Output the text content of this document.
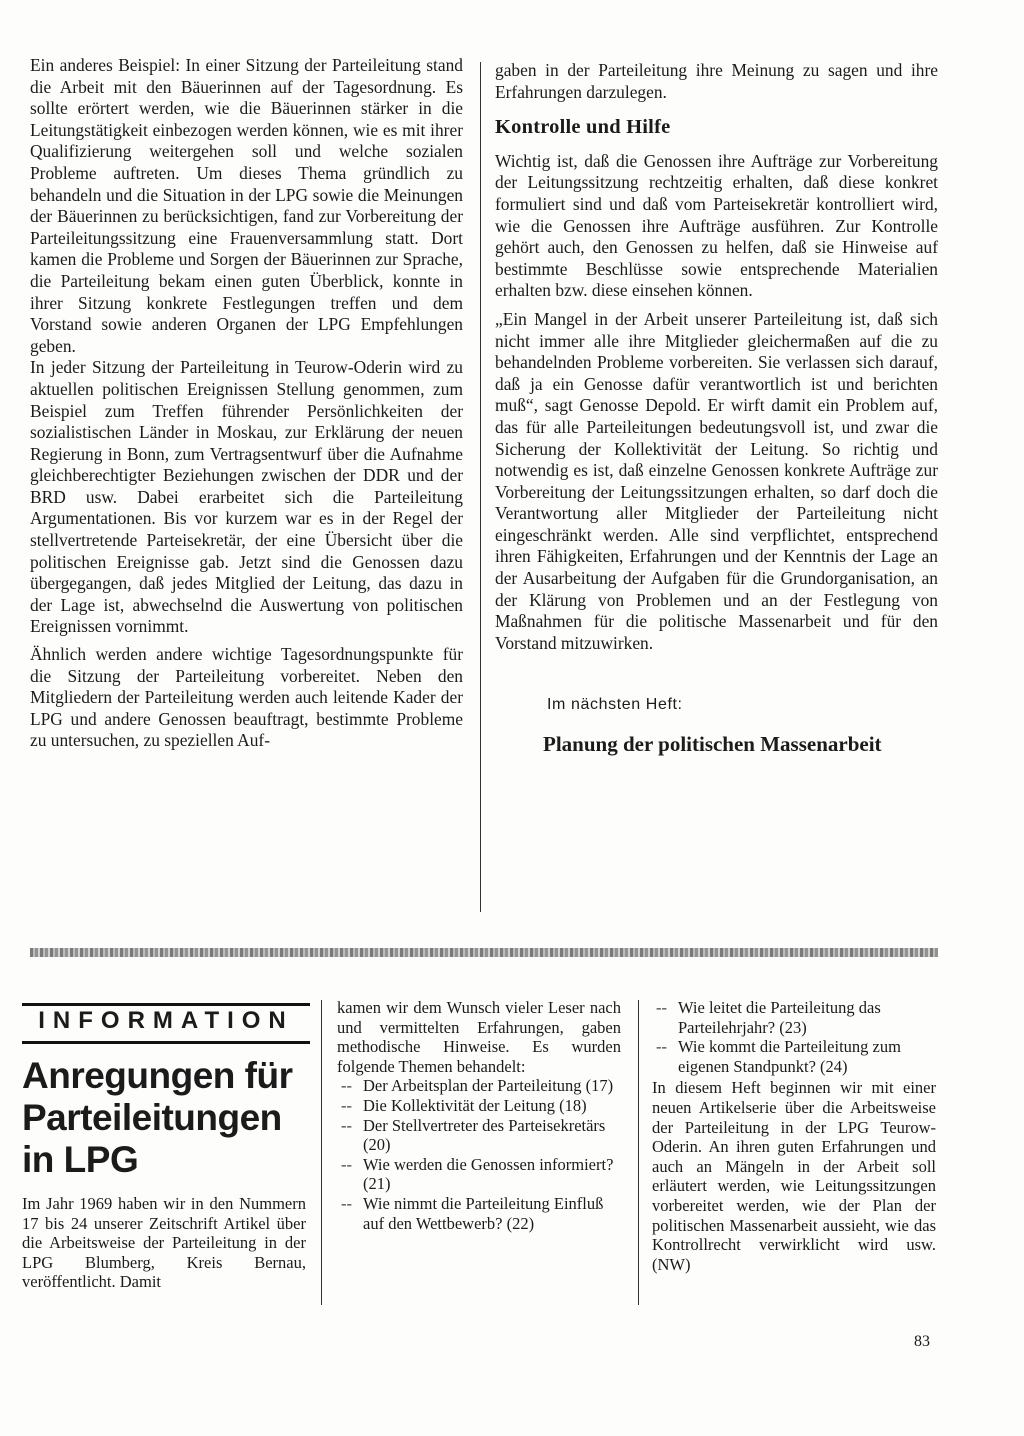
Ein anderes Beispiel: In einer Sitzung der Parteileitung stand die Arbeit mit den Bäuerinnen auf der Tagesordnung. Es sollte erörtert werden, wie die Bäuerinnen stärker in die Leitungstätigkeit einbezogen werden können, wie es mit ihrer Qualifizierung weitergehen soll und welche sozialen Probleme auftreten. Um dieses Thema gründlich zu behandeln und die Situation in der LPG sowie die Meinungen der Bäuerinnen zu berücksichtigen, fand zur Vorbereitung der Parteileitungssitzung eine Frauenversammlung statt. Dort kamen die Probleme und Sorgen der Bäuerinnen zur Sprache, die Parteileitung bekam einen guten Überblick, konnte in ihrer Sitzung konkrete Festlegungen treffen und dem Vorstand sowie anderen Organen der LPG Empfehlungen geben.

In jeder Sitzung der Parteileitung in Teurow-Oderin wird zu aktuellen politischen Ereignissen Stellung genommen, zum Beispiel zum Treffen führender Persönlichkeiten der sozialistischen Länder in Moskau, zur Erklärung der neuen Regierung in Bonn, zum Vertragsentwurf über die Aufnahme gleichberechtigter Beziehungen zwischen der DDR und der BRD usw. Dabei erarbeitet sich die Parteileitung Argumentationen. Bis vor kurzem war es in der Regel der stellvertretende Parteisekretär, der eine Übersicht über die politischen Ereignisse gab. Jetzt sind die Genossen dazu übergegangen, daß jedes Mitglied der Leitung, das dazu in der Lage ist, abwechselnd die Auswertung von politischen Ereignissen vornimmt.

Ähnlich werden andere wichtige Tagesordnungspunkte für die Sitzung der Parteileitung vorbereitet. Neben den Mitgliedern der Parteileitung werden auch leitende Kader der LPG und andere Genossen beauftragt, bestimmte Probleme zu untersuchen, zu speziellen Auf-

gaben in der Parteileitung ihre Meinung zu sagen und ihre Erfahrungen darzulegen.

Kontrolle und Hilfe

Wichtig ist, daß die Genossen ihre Aufträge zur Vorbereitung der Leitungssitzung rechtzeitig erhalten, daß diese konkret formuliert sind und daß vom Parteisekretär kontrolliert wird, wie die Genossen ihre Aufträge ausführen. Zur Kontrolle gehört auch, den Genossen zu helfen, daß sie Hinweise auf bestimmte Beschlüsse sowie entsprechende Materialien erhalten bzw. diese einsehen können.

„Ein Mangel in der Arbeit unserer Parteileitung ist, daß sich nicht immer alle ihre Mitglieder gleichermaßen auf die zu behandelnden Probleme vorbereiten. Sie verlassen sich darauf, daß ja ein Genosse dafür verantwortlich ist und berichten muß“, sagt Genosse Depold. Er wirft damit ein Problem auf, das für alle Parteileitungen bedeutungsvoll ist, und zwar die Sicherung der Kollektivität der Leitung. So richtig und notwendig es ist, daß einzelne Genossen konkrete Aufträge zur Vorbereitung der Leitungssitzungen erhalten, so darf doch die Verantwortung aller Mitglieder der Parteileitung nicht eingeschränkt werden. Alle sind verpflichtet, entsprechend ihren Fähigkeiten, Erfahrungen und der Kenntnis der Lage an der Ausarbeitung der Aufgaben für die Grundorganisation, an der Klärung von Problemen und an der Festlegung von Maßnahmen für die politische Massenarbeit und für den Vorstand mitzuwirken.

Im nächsten Heft:
Planung der politischen Massenarbeit
INFORMATION
Anregungen für
Parteileitungen
in LPG

Im Jahr 1969 haben wir in den Nummern 17 bis 24 unserer Zeitschrift Artikel über die Arbeitsweise der Parteileitung in der LPG Blumberg, Kreis Bernau, veröffentlicht. Damit

kamen wir dem Wunsch vieler Leser nach und vermittelten Erfahrungen, gaben methodische Hinweise. Es wurden folgende Themen behandelt:

-- Der Arbeitsplan der Parteileitung (17)

-- Die Kollektivität der Leitung (18)

-- Der Stellvertreter des Parteisekretärs (20)

-- Wie werden die Genossen informiert? (21)

-- Wie nimmt die Parteileitung Einfluß auf den Wettbewerb? (22)

-- Wie leitet die Parteileitung das Parteilehrjahr? (23)

-- Wie kommt die Parteileitung zum eigenen Standpunkt? (24)

In diesem Heft beginnen wir mit einer neuen Artikelserie über die Arbeitsweise der Parteileitung in der LPG Teurow-Oderin. An ihren guten Erfahrungen und auch an Mängeln in der Arbeit soll erläutert werden, wie Leitungssitzungen vorbereitet werden, wie der Plan der politischen Massenarbeit aussieht, wie das Kontrollrecht verwirklicht wird usw. (NW)

83
